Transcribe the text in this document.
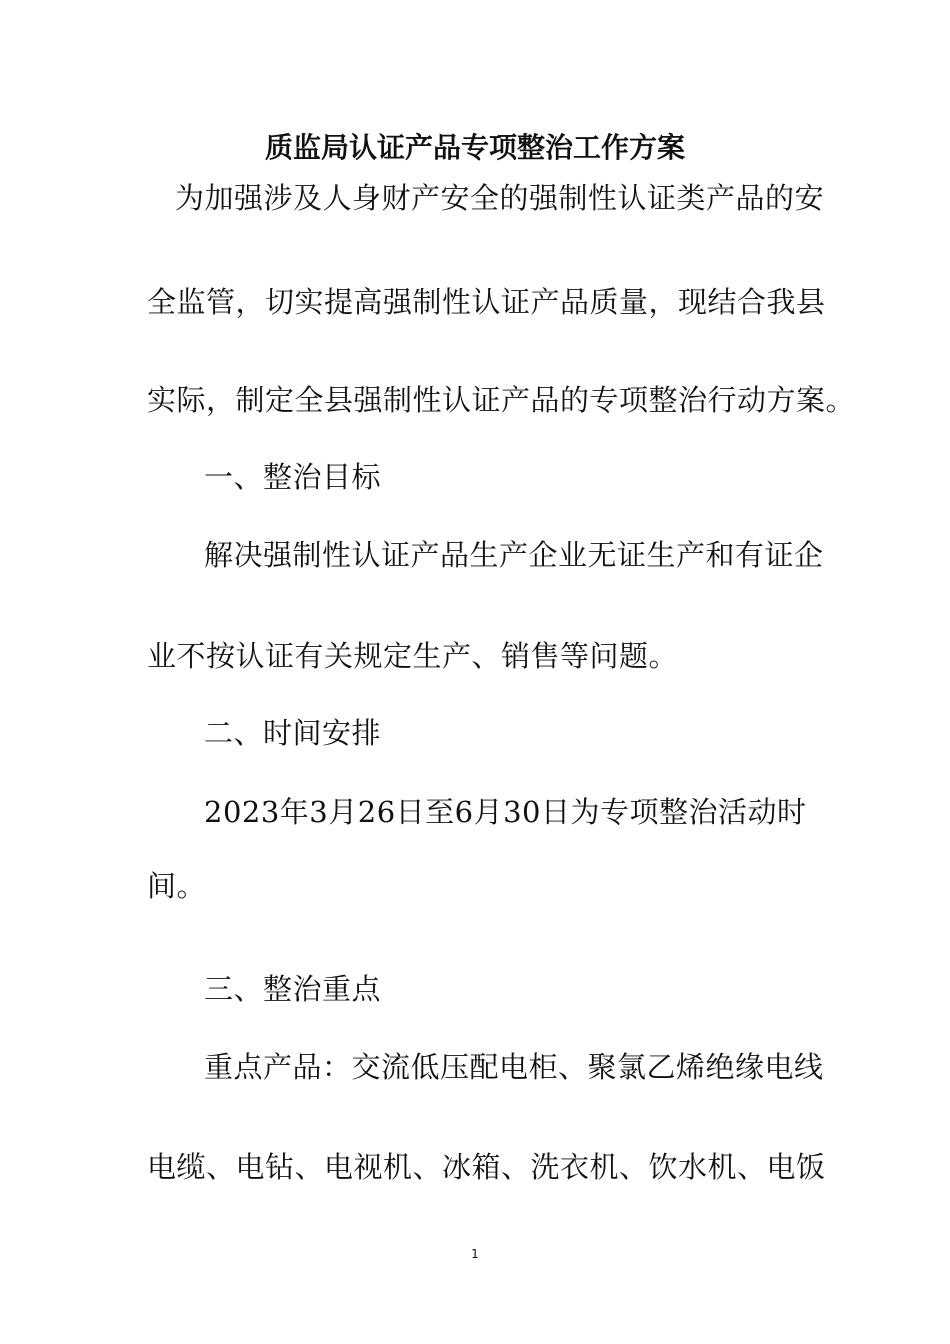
质监局认证产品专项整治工作方案
为加强涉及人身财产安全的强制性认证类产品的安
全监管，切实提高强制性认证产品质量，现结合我县
实际，制定全县强制性认证产品的专项整治行动方案。
一、整治目标
解决强制性认证产品生产企业无证生产和有证企
业不按认证有关规定生产、销售等问题。
二、时间安排
2023年3月26日至6月30日为专项整治活动时
间。
三、整治重点
重点产品：交流低压配电柜、聚氯乙烯绝缘电线
电缆、电钻、电视机、冰箱、洗衣机、饮水机、电饭
1
